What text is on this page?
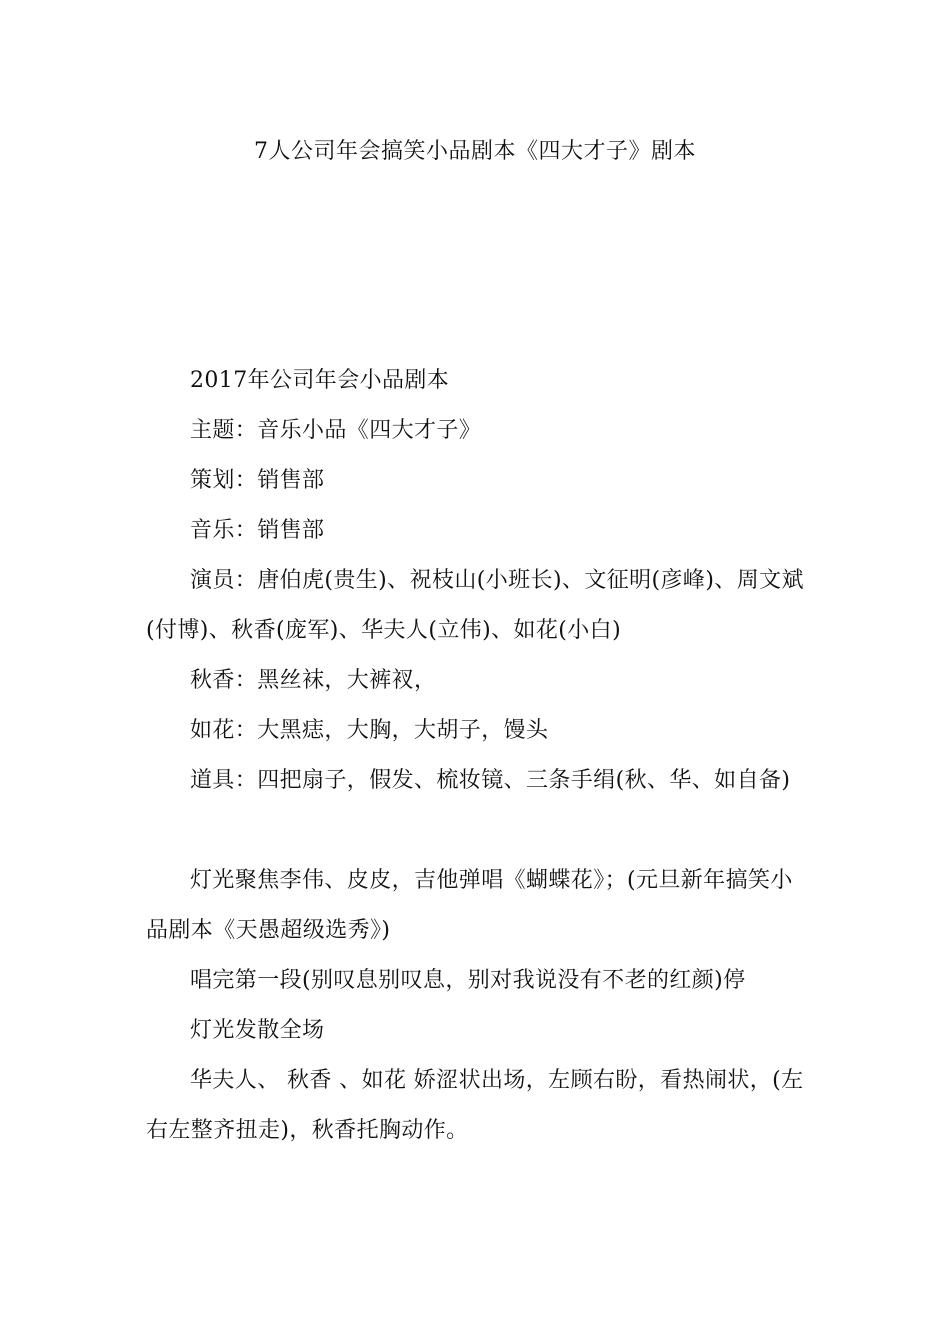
7人公司年会搞笑小品剧本《四大才子》剧本

2017年公司年会小品剧本

主题：音乐小品《四大才子》

策划：销售部

音乐：销售部

演员：唐伯虎(贵生)、祝枝山(小班长)、文征明(彦峰)、周文斌(付博)、秋香(庞军)、华夫人(立伟)、如花(小白)

秋香：黑丝袜，大裤衩，

如花：大黑痣，大胸，大胡子，馒头

道具：四把扇子，假发、梳妆镜、三条手绢(秋、华、如自备)

灯光聚焦李伟、皮皮，吉他弹唱《蝴蝶花》；(元旦新年搞笑小品剧本《天愚超级选秀》)

唱完第一段(别叹息别叹息，别对我说没有不老的红颜)停

灯光发散全场

华夫人、 秋香 、如花 娇涩状出场，左顾右盼，看热闹状，(左右左整齐扭走)，秋香托胸动作。
